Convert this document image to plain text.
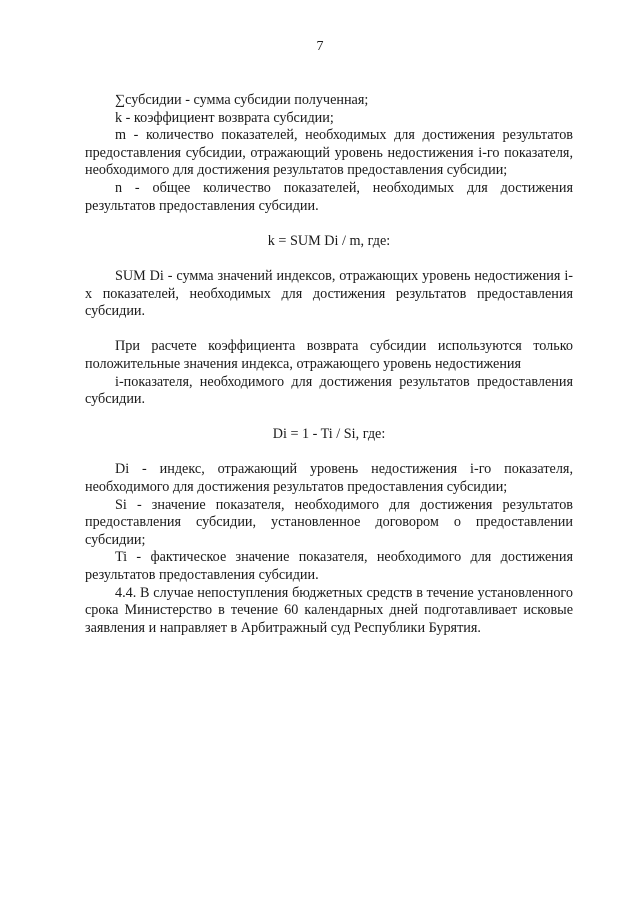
7

∑субсидии - сумма субсидии полученная;

k - коэффициент возврата субсидии;

m - количество показателей, необходимых для достижения результатов предоставления субсидии, отражающий уровень недостижения i-го показателя, необходимого для достижения результатов предоставления субсидии;

n - общее количество показателей, необходимых для достижения результатов предоставления субсидии.

k = SUM Di / m, где:

SUM Di - сумма значений индексов, отражающих уровень недостижения i-х показателей, необходимых для достижения результатов предоставления субсидии.

При расчете коэффициента возврата субсидии используются только положительные значения индекса, отражающего уровень недостижения

i-показателя, необходимого для достижения результатов предоставления субсидии.

Di = 1 - Ti / Si, где:

Di - индекс, отражающий уровень недостижения i-го показателя, необходимого для достижения результатов предоставления субсидии;

Si - значение показателя, необходимого для достижения результатов предоставления субсидии, установленное договором о предоставлении субсидии;

Ti - фактическое значение показателя, необходимого для достижения результатов предоставления субсидии.

4.4. В случае непоступления бюджетных средств в течение установленного срока Министерство в течение 60 календарных дней подготавливает исковые заявления и направляет в Арбитражный суд Республики Бурятия.
